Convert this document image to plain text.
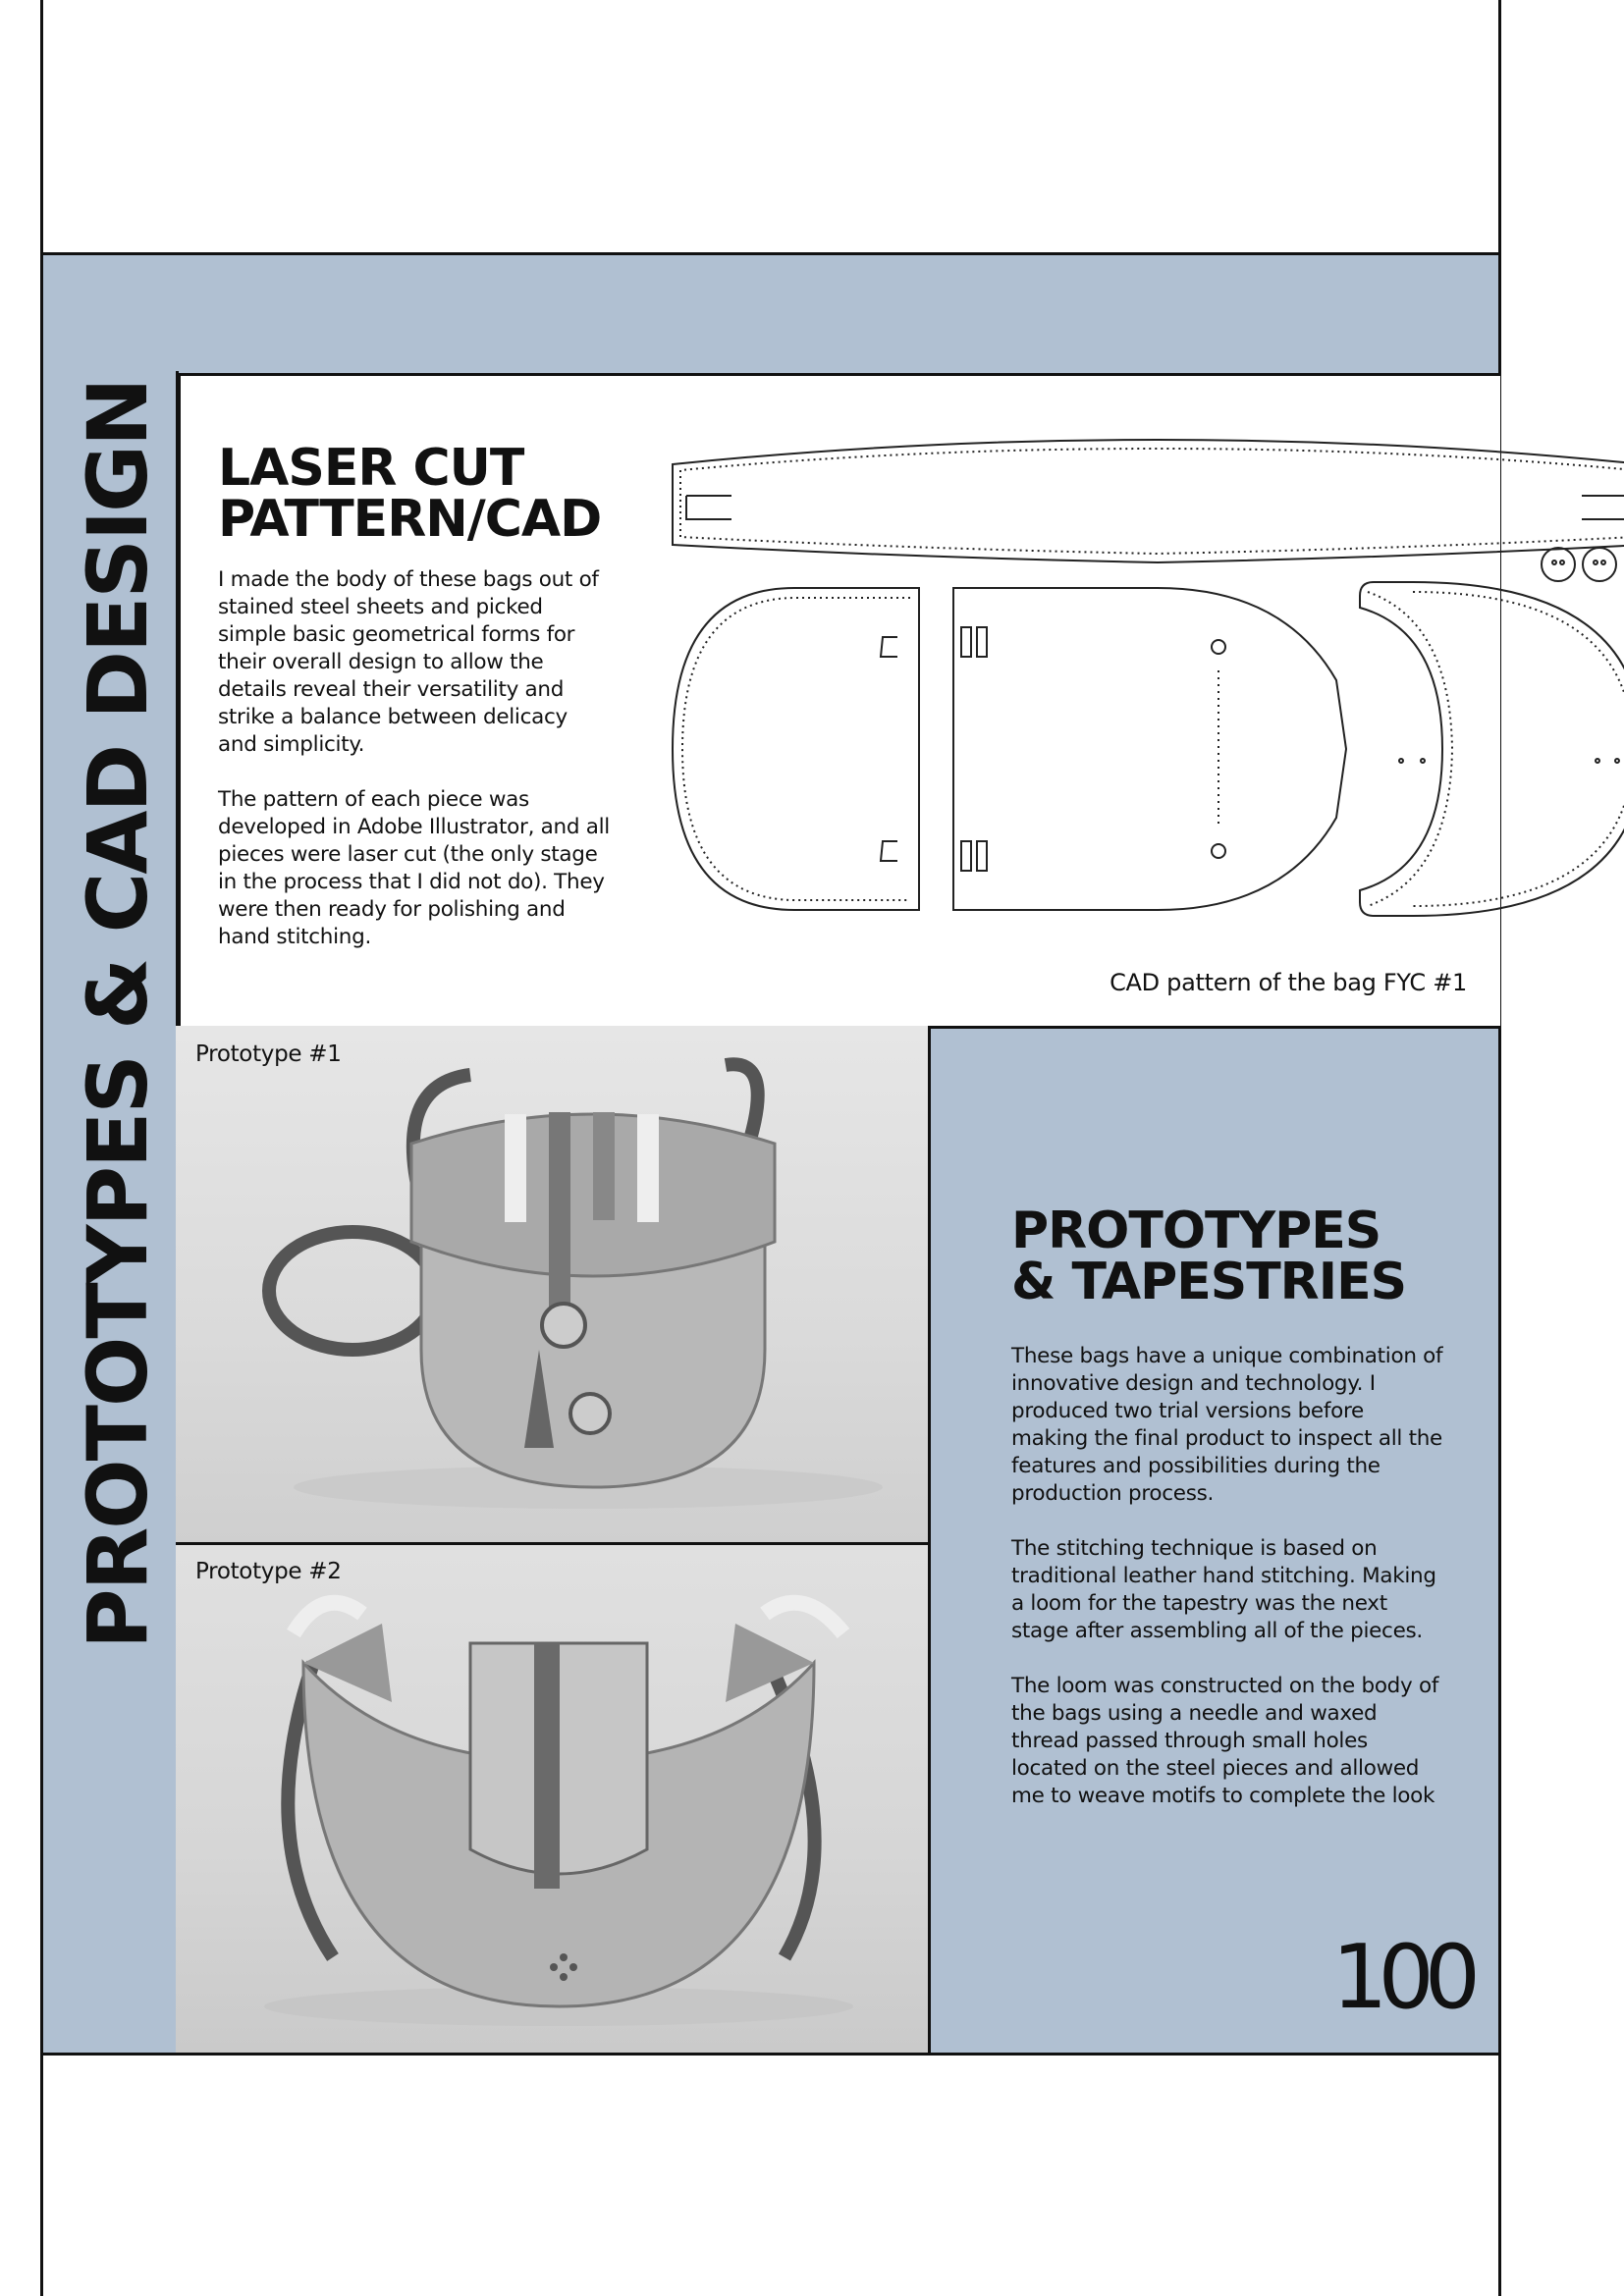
PROTOTYPES & CAD DESIGN LASER CUT
PATTERN/CAD

I made the body of these bags out of stained steel sheets and picked simple basic geometrical forms for their overall design to allow the details reveal their versatility and strike a balance between delicacy and simplicity.

The pattern of each piece was developed in Adobe Illustrator, and all pieces were laser cut (the only stage in the process that I did not do). They were then ready for polishing and hand stitching.

CAD pattern of the bag FYC #1
Prototype #1
Prototype #2
PROTOTYPES
& TAPESTRIES

These bags have a unique combination of innovative design and technology. I produced two trial versions before making the final product to inspect all the features and possibilities during the production process.

The stitching technique is based on traditional leather hand stitching. Making a loom for the tapestry was the next stage after assembling all of the pieces.

The loom was constructed on the body of the bags using a needle and waxed thread passed through small holes located on the steel pieces and allowed me to weave motifs to complete the look

100
